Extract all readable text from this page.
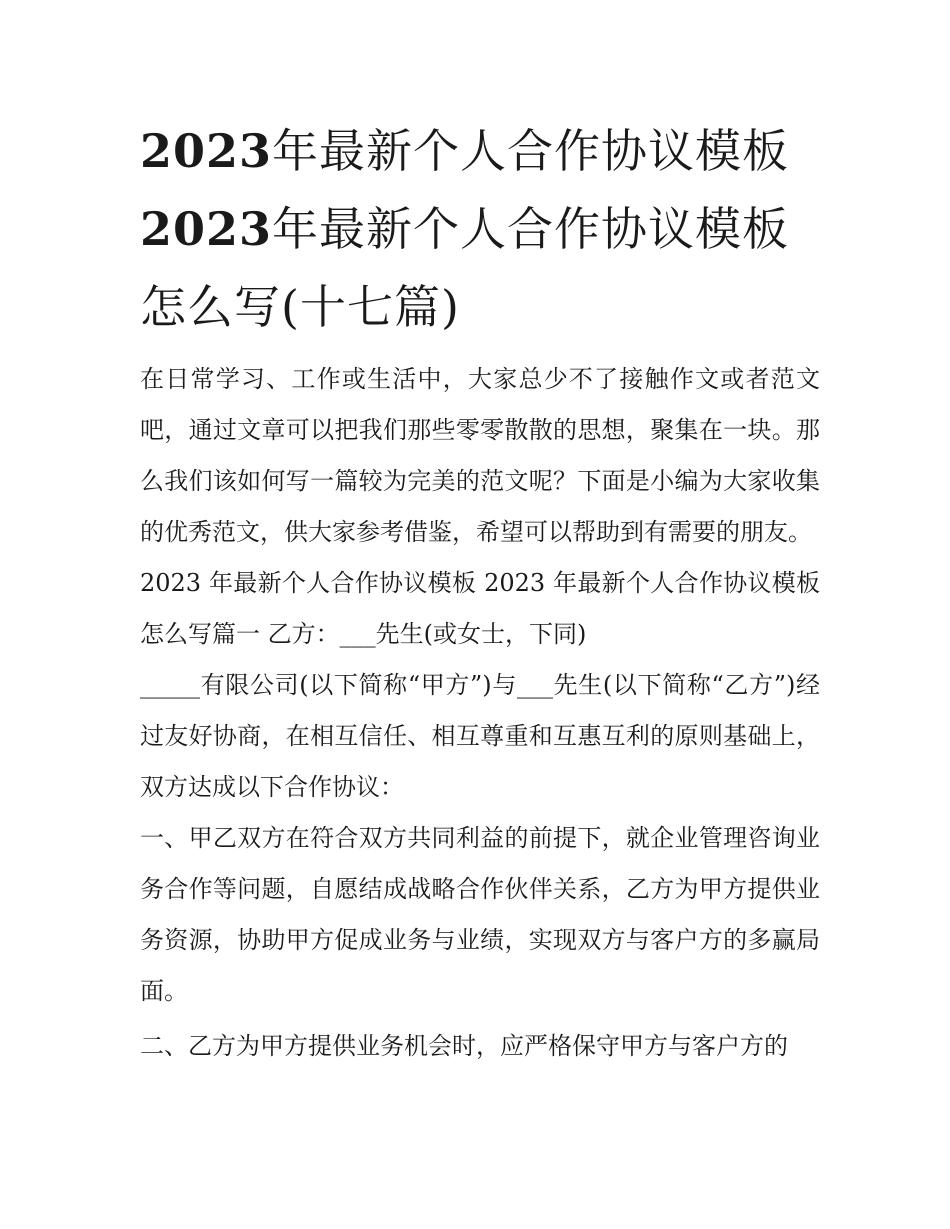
2023年最新个人合作协议模板
2023年最新个人合作协议模板
怎么写(十七篇)

在日常学习、工作或生活中，大家总少不了接触作文或者范文吧，通过文章可以把我们那些零零散散的思想，聚集在一块。那么我们该如何写一篇较为完美的范文呢？下面是小编为大家收集的优秀范文，供大家参考借鉴，希望可以帮助到有需要的朋友。

2023 年最新个人合作协议模板 2023 年最新个人合作协议模板怎么写篇一 乙方：___先生(或女士，下同)

_____有限公司(以下简称“甲方”)与___先生(以下简称“乙方”)经过友好协商，在相互信任、相互尊重和互惠互利的原则基础上，双方达成以下合作协议：

一、甲乙双方在符合双方共同利益的前提下，就企业管理咨询业务合作等问题，自愿结成战略合作伙伴关系，乙方为甲方提供业务资源，协助甲方促成业务与业绩，实现双方与客户方的多赢局面。

二、乙方为甲方提供业务机会时，应严格保守甲方与客户方的
